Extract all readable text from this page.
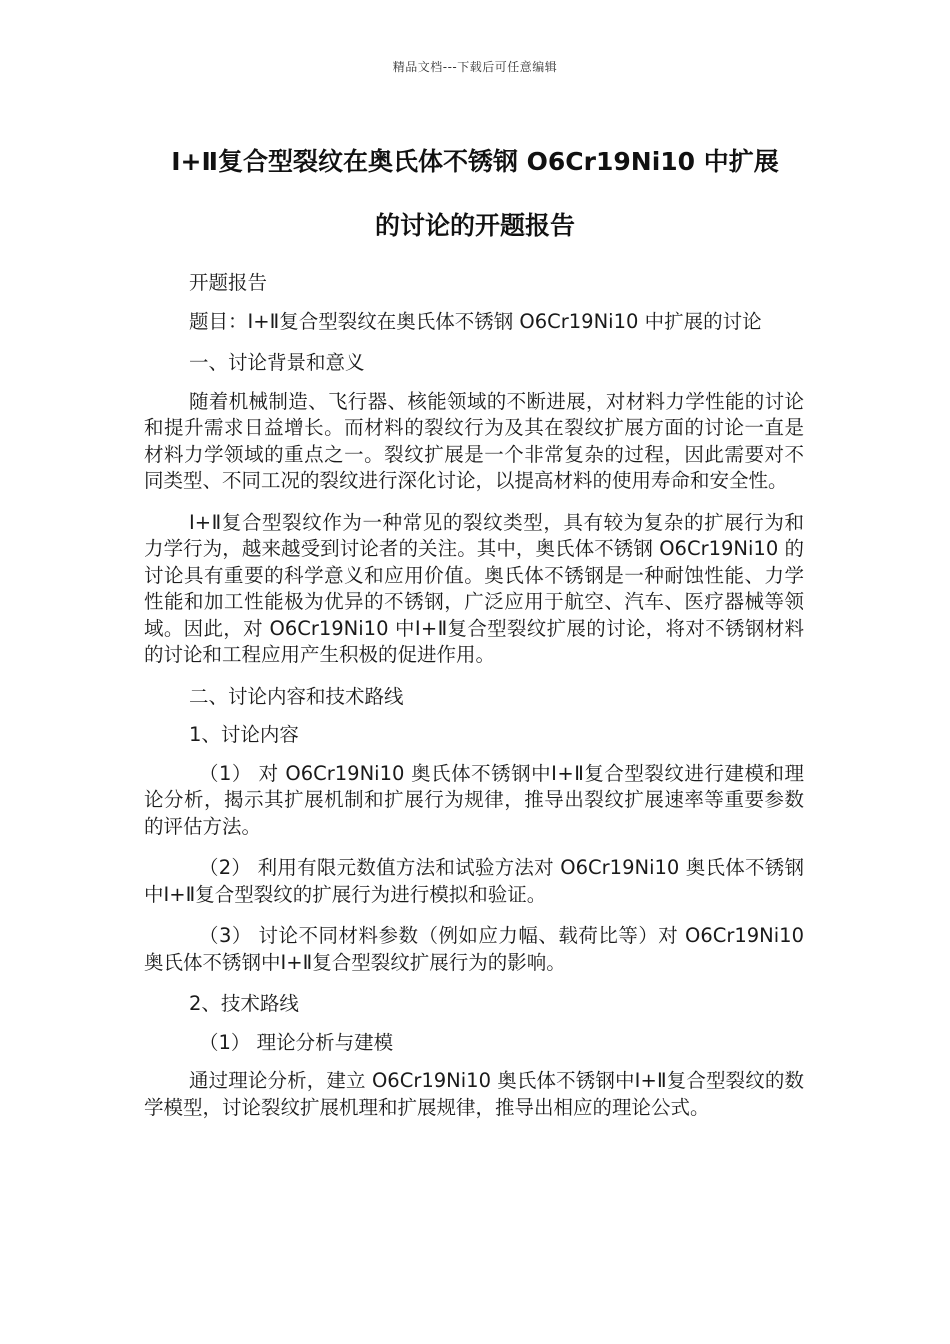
精品文档---下载后可任意编辑
Ⅰ+Ⅱ复合型裂纹在奥氏体不锈钢 O6Cr19Ni10 中扩展
的讨论的开题报告

开题报告

题目：Ⅰ+Ⅱ复合型裂纹在奥氏体不锈钢 O6Cr19Ni10 中扩展的讨论

一、讨论背景和意义

随着机械制造、飞行器、核能领域的不断进展，对材料力学性能的讨论和提升需求日益增长。而材料的裂纹行为及其在裂纹扩展方面的讨论一直是材料力学领域的重点之一。裂纹扩展是一个非常复杂的过程，因此需要对不同类型、不同工况的裂纹进行深化讨论，以提高材料的使用寿命和安全性。

I+Ⅱ复合型裂纹作为一种常见的裂纹类型，具有较为复杂的扩展行为和力学行为，越来越受到讨论者的关注。其中，奥氏体不锈钢 O6Cr19Ni10 的讨论具有重要的科学意义和应用价值。奥氏体不锈钢是一种耐蚀性能、力学性能和加工性能极为优异的不锈钢，广泛应用于航空、汽车、医疗器械等领域。因此，对 O6Cr19Ni10 中Ⅰ+Ⅱ复合型裂纹扩展的讨论，将对不锈钢材料的讨论和工程应用产生积极的促进作用。

二、讨论内容和技术路线

1、讨论内容

（1） 对 O6Cr19Ni10 奥氏体不锈钢中Ⅰ+Ⅱ复合型裂纹进行建模和理论分析，揭示其扩展机制和扩展行为规律，推导出裂纹扩展速率等重要参数的评估方法。

（2） 利用有限元数值方法和试验方法对 O6Cr19Ni10 奥氏体不锈钢中Ⅰ+Ⅱ复合型裂纹的扩展行为进行模拟和验证。

（3） 讨论不同材料参数（例如应力幅、载荷比等）对 O6Cr19Ni10 奥氏体不锈钢中Ⅰ+Ⅱ复合型裂纹扩展行为的影响。

2、技术路线

（1） 理论分析与建模

通过理论分析，建立 O6Cr19Ni10 奥氏体不锈钢中Ⅰ+Ⅱ复合型裂纹的数学模型，讨论裂纹扩展机理和扩展规律，推导出相应的理论公式。
